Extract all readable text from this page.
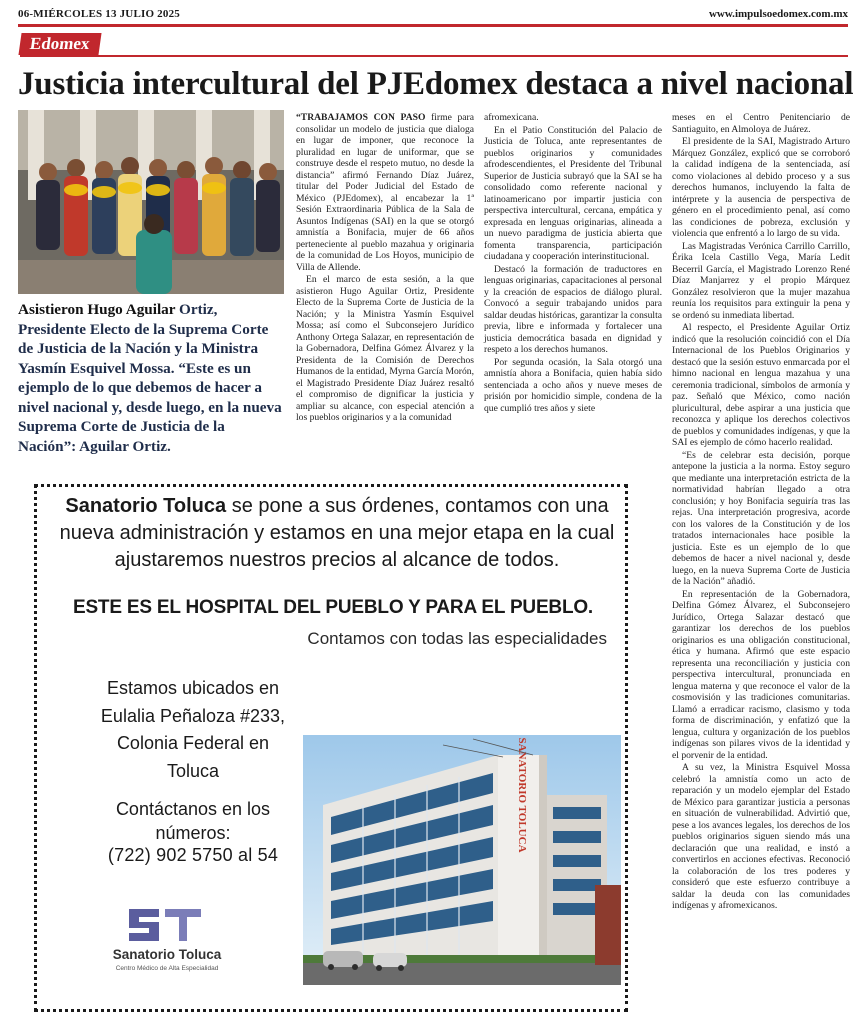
06-MIÉRCOLES 13 JULIO 2025	www.impulsoedomex.com.mx
Edomex
Justicia intercultural del PJEdomex destaca a nivel nacional
Asistieron Hugo Aguilar Ortiz, Presidente Electo de la Suprema Corte de Justicia de la Nación y la Ministra Yasmín Esquivel Mossa. “Este es un ejemplo de lo que debemos de hacer a nivel nacional y, desde luego, en la nueva Suprema Corte de Justicia de la Nación”: Aguilar Ortiz.

“TRABAJAMOS CON PASO firme para consolidar un modelo de justicia que dialoga en lugar de imponer, que reconoce la pluralidad en lugar de uniformar, que se construye desde el respeto mutuo, no desde la distancia” afirmó Fernando Díaz Juárez, titular del Poder Judicial del Estado de México (PJEdomex), al encabezar la 1ª Sesión Extraordinaria Pública de la Sala de Asuntos Indígenas (SAI) en la que se otorgó amnistía a Bonifacia, mujer de 66 años perteneciente al pueblo mazahua y originaria de la comunidad de Los Hoyos, municipio de Villa de Allende.

En el marco de esta sesión, a la que asistieron Hugo Aguilar Ortiz, Presidente Electo de la Suprema Corte de Justicia de la Nación; y la Ministra Yasmín Esquivel Mossa; así como el Subconsejero Jurídico Anthony Ortega Salazar, en representación de la Gobernadora, Delfina Gómez Álvarez y la Presidenta de la Comisión de Derechos Humanos de la entidad, Myrna García Morón, el Magistrado Presidente Díaz Juárez resaltó el compromiso de dignificar la justicia y ampliar su alcance, con especial atención a los pueblos originarios y a la comunidad

afromexicana.

En el Patio Constitución del Palacio de Justicia de Toluca, ante representantes de pueblos originarios y comunidades afrodescendientes, el Presidente del Tribunal Superior de Justicia subrayó que la SAI se ha consolidado como referente nacional y latinoamericano por impartir justicia con perspectiva intercultural, cercana, empática y expresada en lenguas originarias, alineada a un nuevo paradigma de justicia abierta que fomenta transparencia, participación ciudadana y cooperación interinstitucional.

Destacó la formación de traductores en lenguas originarias, capacitaciones al personal y la creación de espacios de diálogo plural. Convocó a seguir trabajando unidos para saldar deudas históricas, garantizar la consulta previa, libre e informada y fortalecer una justicia democrática basada en dignidad y respeto a los derechos humanos.

Por segunda ocasión, la Sala otorgó una amnistía ahora a Bonifacia, quien había sido sentenciada a ocho años y nueve meses de prisión por homicidio simple, condena de la que cumplió tres años y siete

meses en el Centro Penitenciario de Santiaguito, en Almoloya de Juárez.

El presidente de la SAI, Magistrado Arturo Márquez González, explicó que se corroboró la calidad indígena de la sentenciada, así como violaciones al debido proceso y a sus derechos humanos, incluyendo la falta de intérprete y la ausencia de perspectiva de género en el procedimiento penal, así como las condiciones de pobreza, exclusión y violencia que enfrentó a lo largo de su vida.

Las Magistradas Verónica Carrillo Carrillo, Érika Icela Castillo Vega, María Ledit Becerril García, el Magistrado Lorenzo René Díaz Manjarrez y el propio Márquez González resolvieron que la mujer mazahua reunía los requisitos para extinguir la pena y se ordenó su inmediata libertad.

Al respecto, el Presidente Aguilar Ortiz indicó que la resolución coincidió con el Día Internacional de los Pueblos Originarios y destacó que la sesión estuvo enmarcada por el himno nacional en lengua mazahua y una ceremonia tradicional, símbolos de armonía y paz. Señaló que México, como nación pluricultural, debe aspirar a una justicia que reconozca y aplique los derechos colectivos de pueblos y comunidades indígenas, y que la SAI es ejemplo de cómo hacerlo realidad.

“Es de celebrar esta decisión, porque antepone la justicia a la norma. Estoy seguro que mediante una interpretación estricta de la normatividad habrían llegado a otra conclusión; y hoy Bonifacia seguiría tras las rejas. Una interpretación progresiva, acorde con los valores de la Constitución y de los tratados internacionales hace posible la justicia. Este es un ejemplo de lo que debemos de hacer a nivel nacional y, desde luego, en la nueva Suprema Corte de Justicia de la Nación” añadió.

En representación de la Gobernadora, Delfina Gómez Álvarez, el Subconsejero Jurídico, Ortega Salazar destacó que garantizar los derechos de los pueblos originarios es una obligación constitucional, ética y humana. Afirmó que este espacio representa una reconciliación y justicia con perspectiva intercultural, pronunciada en lengua materna y que reconoce el valor de la cosmovisión y las tradiciones comunitarias. Llamó a erradicar racismo, clasismo y toda forma de discriminación, y enfatizó que la lengua, cultura y organización de los pueblos indígenas son pilares vivos de la identidad y el porvenir de la entidad.

A su vez, la Ministra Esquivel Mossa celebró la amnistía como un acto de reparación y un modelo ejemplar del Estado de México para garantizar justicia a personas en situación de vulnerabilidad. Advirtió que, pese a los avances legales, los derechos de los pueblos originarios siguen siendo más una declaración que una realidad, e instó a convertirlos en acciones efectivas. Reconoció la colaboración de los tres poderes y consideró que este esfuerzo contribuye a saldar la deuda con las comunidades indígenas y afromexicanos.

Sanatorio Toluca se pone a sus órdenes, contamos con una nueva administración y estamos en una mejor etapa en la cual ajustaremos nuestros precios al alcance de todos.
ESTE ES EL HOSPITAL DEL PUEBLO Y PARA EL PUEBLO.
Contamos con todas las especialidades
Estamos ubicados en
Eulalia Peñaloza #233,
Colonia Federal en
Toluca
Contáctanos en los
números:
(722) 902 5750 al 54
Sanatorio Toluca
Centro Médico de Alta Especialidad
SANATORIO TOLUCA
